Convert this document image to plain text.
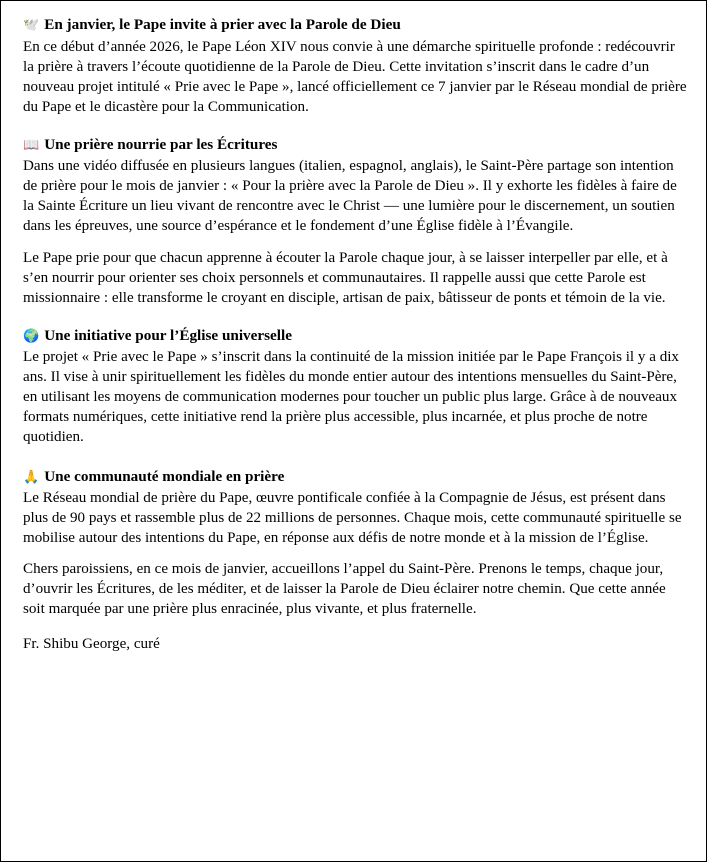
🕊️ En janvier, le Pape invite à prier avec la Parole de Dieu

En ce début d’année 2026, le Pape Léon XIV nous convie à une démarche spirituelle profonde : redécouvrir la prière à travers l’écoute quotidienne de la Parole de Dieu. Cette invitation s’inscrit dans le cadre d’un nouveau projet intitulé « Prie avec le Pape », lancé officiellement ce 7 janvier par le Réseau mondial de prière du Pape et le dicastère pour la Communication.

📖 Une prière nourrie par les Écritures

Dans une vidéo diffusée en plusieurs langues (italien, espagnol, anglais), le Saint-Père partage son intention de prière pour le mois de janvier : « Pour la prière avec la Parole de Dieu ». Il y exhorte les fidèles à faire de la Sainte Écriture un lieu vivant de rencontre avec le Christ — une lumière pour le discernement, un soutien dans les épreuves, une source d’espérance et le fondement d’une Église fidèle à l’Évangile.

Le Pape prie pour que chacun apprenne à écouter la Parole chaque jour, à se laisser interpeller par elle, et à s’en nourrir pour orienter ses choix personnels et communautaires. Il rappelle aussi que cette Parole est missionnaire : elle transforme le croyant en disciple, artisan de paix, bâtisseur de ponts et témoin de la vie.

🌍 Une initiative pour l’Église universelle

Le projet « Prie avec le Pape » s’inscrit dans la continuité de la mission initiée par le Pape François il y a dix ans. Il vise à unir spirituellement les fidèles du monde entier autour des intentions mensuelles du Saint-Père, en utilisant les moyens de communication modernes pour toucher un public plus large. Grâce à de nouveaux formats numériques, cette initiative rend la prière plus accessible, plus incarnée, et plus proche de notre quotidien.

🙏 Une communauté mondiale en prière

Le Réseau mondial de prière du Pape, œuvre pontificale confiée à la Compagnie de Jésus, est présent dans plus de 90 pays et rassemble plus de 22 millions de personnes. Chaque mois, cette communauté spirituelle se mobilise autour des intentions du Pape, en réponse aux défis de notre monde et à la mission de l’Église.

Chers paroissiens, en ce mois de janvier, accueillons l’appel du Saint-Père. Prenons le temps, chaque jour, d’ouvrir les Écritures, de les méditer, et de laisser la Parole de Dieu éclairer notre chemin. Que cette année soit marquée par une prière plus enracinée, plus vivante, et plus fraternelle.

Fr. Shibu George, curé
